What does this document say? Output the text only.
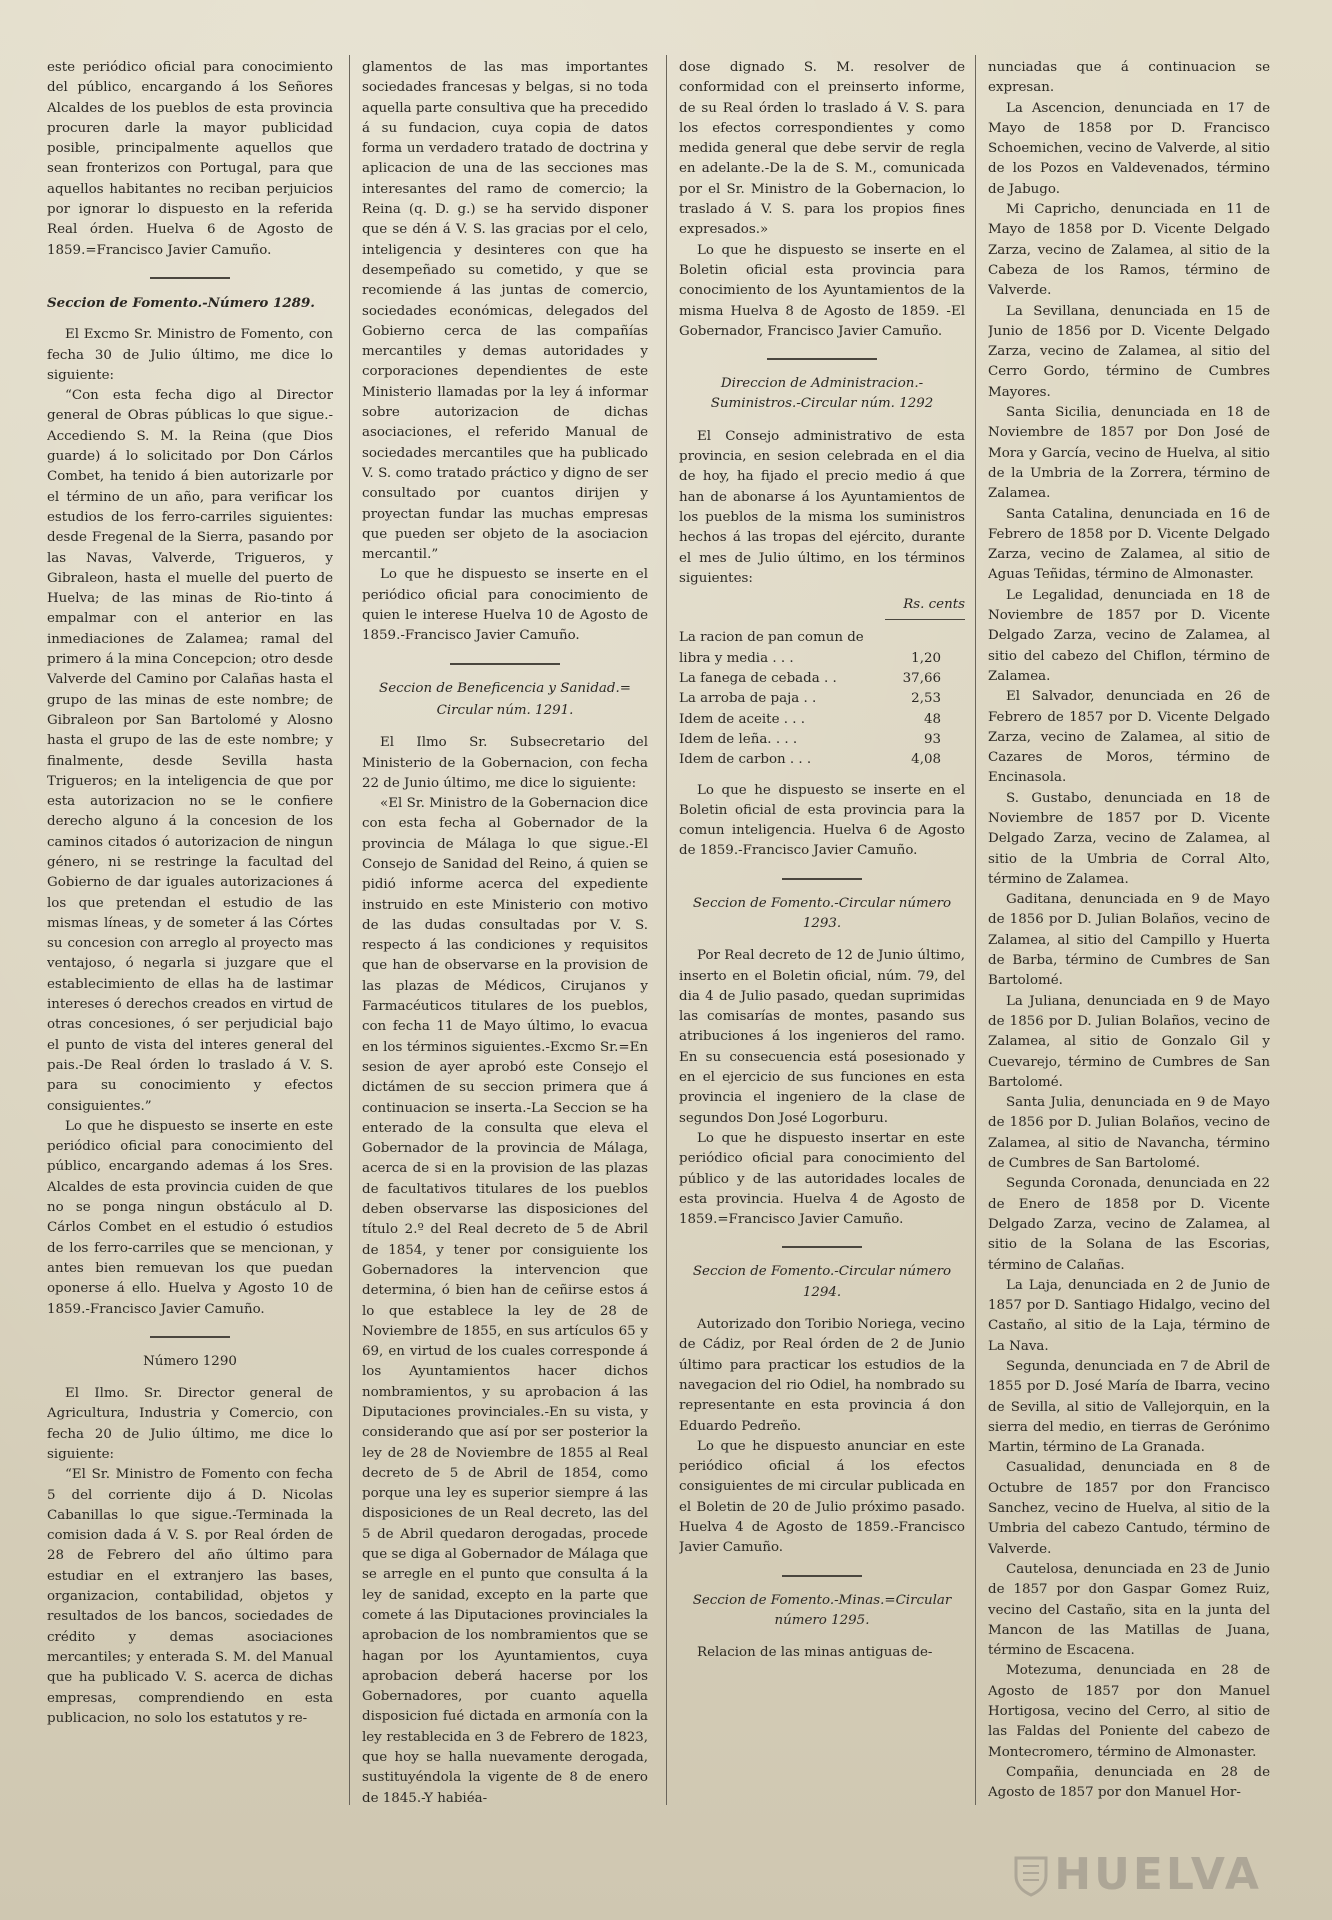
este periódico oficial para conocimiento del público, encargando á los Señores Alcaldes de los pueblos de esta provincia procuren darle la mayor publicidad posible, principalmente aquellos que sean fronterizos con Portugal, para que aquellos habitantes no reciban perjuicios por ignorar lo dispuesto en la referida Real órden. Huelva 6 de Agosto de 1859.=Francisco Javier Camuño.

Seccion de Fomento.-Número 1289.

El Excmo Sr. Ministro de Fomento, con fecha 30 de Julio último, me dice lo siguiente:

“Con esta fecha digo al Director general de Obras públicas lo que sigue.-Accediendo S. M. la Reina (que Dios guarde) á lo solicitado por Don Cárlos Combet, ha tenido á bien autorizarle por el término de un año, para verificar los estudios de los ferro-carriles siguientes: desde Fregenal de la Sierra, pasando por las Navas, Valverde, Trigueros, y Gibraleon, hasta el muelle del puerto de Huelva; de las minas de Rio-tinto á empalmar con el anterior en las inmediaciones de Zalamea; ramal del primero á la mina Concepcion; otro desde Valverde del Camino por Calañas hasta el grupo de las minas de este nombre; de Gibraleon por San Bartolomé y Alosno hasta el grupo de las de este nombre; y finalmente, desde Sevilla hasta Trigueros; en la inteligencia de que por esta autorizacion no se le confiere derecho alguno á la concesion de los caminos citados ó autorizacion de ningun género, ni se restringe la facultad del Gobierno de dar iguales autorizaciones á los que pretendan el estudio de las mismas líneas, y de someter á las Córtes su concesion con arreglo al proyecto mas ventajoso, ó negarla si juzgare que el establecimiento de ellas ha de lastimar intereses ó derechos creados en virtud de otras concesiones, ó ser perjudicial bajo el punto de vista del interes general del pais.-De Real órden lo traslado á V. S. para su conocimiento y efectos consiguientes.”

Lo que he dispuesto se inserte en este periódico oficial para conocimiento del público, encargando ademas á los Sres. Alcaldes de esta provincia cuiden de que no se ponga ningun obstáculo al D. Cárlos Combet en el estudio ó estudios de los ferro-carriles que se mencionan, y antes bien remuevan los que puedan oponerse á ello. Huelva y Agosto 10 de 1859.-Francisco Javier Camuño.

Número 1290

El Ilmo. Sr. Director general de Agricultura, Industria y Comercio, con fecha 20 de Julio último, me dice lo siguiente:

“El Sr. Ministro de Fomento con fecha 5 del corriente dijo á D. Nicolas Cabanillas lo que sigue.-Terminada la comision dada á V. S. por Real órden de 28 de Febrero del año último para estudiar en el extranjero las bases, organizacion, contabilidad, objetos y resultados de los bancos, sociedades de crédito y demas asociaciones mercantiles; y enterada S. M. del Manual que ha publicado V. S. acerca de dichas empresas, comprendiendo en esta publicacion, no solo los estatutos y re-

glamentos de las mas importantes sociedades francesas y belgas, si no toda aquella parte consultiva que ha precedido á su fundacion, cuya copia de datos forma un verdadero tratado de doctrina y aplicacion de una de las secciones mas interesantes del ramo de comercio; la Reina (q. D. g.) se ha servido disponer que se dén á V. S. las gracias por el celo, inteligencia y desinteres con que ha desempeñado su cometido, y que se recomiende á las juntas de comercio, sociedades económicas, delegados del Gobierno cerca de las compañías mercantiles y demas autoridades y corporaciones dependientes de este Ministerio llamadas por la ley á informar sobre autorizacion de dichas asociaciones, el referido Manual de sociedades mercantiles que ha publicado V. S. como tratado práctico y digno de ser consultado por cuantos dirijen y proyectan fundar las muchas empresas que pueden ser objeto de la asociacion mercantil.”

Lo que he dispuesto se inserte en el periódico oficial para conocimiento de quien le interese Huelva 10 de Agosto de 1859.-Francisco Javier Camuño.

Seccion de Beneficencia y Sanidad.=

Circular núm. 1291.

El Ilmo Sr. Subsecretario del Ministerio de la Gobernacion, con fecha 22 de Junio último, me dice lo siguiente:

«El Sr. Ministro de la Gobernacion dice con esta fecha al Gobernador de la provincia de Málaga lo que sigue.-El Consejo de Sanidad del Reino, á quien se pidió informe acerca del expediente instruido en este Ministerio con motivo de las dudas consultadas por V. S. respecto á las condiciones y requisitos que han de observarse en la provision de las plazas de Médicos, Cirujanos y Farmacéuticos titulares de los pueblos, con fecha 11 de Mayo último, lo evacua en los términos siguientes.-Excmo Sr.=En sesion de ayer aprobó este Consejo el dictámen de su seccion primera que á continuacion se inserta.-La Seccion se ha enterado de la consulta que eleva el Gobernador de la provincia de Málaga, acerca de si en la provision de las plazas de facultativos titulares de los pueblos deben observarse las disposiciones del título 2.º del Real decreto de 5 de Abril de 1854, y tener por consiguiente los Gobernadores la intervencion que determina, ó bien han de ceñirse estos á lo que establece la ley de 28 de Noviembre de 1855, en sus artículos 65 y 69, en virtud de los cuales corresponde á los Ayuntamientos hacer dichos nombramientos, y su aprobacion á las Diputaciones provinciales.-En su vista, y considerando que así por ser posterior la ley de 28 de Noviembre de 1855 al Real decreto de 5 de Abril de 1854, como porque una ley es superior siempre á las disposiciones de un Real decreto, las del 5 de Abril quedaron derogadas, procede que se diga al Gobernador de Málaga que se arregle en el punto que consulta á la ley de sanidad, excepto en la parte que comete á las Diputaciones provinciales la aprobacion de los nombramientos que se hagan por los Ayuntamientos, cuya aprobacion deberá hacerse por los Gobernadores, por cuanto aquella disposicion fué dictada en armonía con la ley restablecida en 3 de Febrero de 1823, que hoy se halla nuevamente derogada, sustituyéndola la vigente de 8 de enero de 1845.-Y habiéa-

dose dignado S. M. resolver de conformidad con el preinserto informe, de su Real órden lo traslado á V. S. para los efectos correspondientes y como medida general que debe servir de regla en adelante.-De la de S. M., comunicada por el Sr. Ministro de la Gobernacion, lo traslado á V. S. para los propios fines expresados.»

Lo que he dispuesto se inserte en el Boletin oficial esta provincia para conocimiento de los Ayuntamientos de la misma Huelva 8 de Agosto de 1859. -El Gobernador, Francisco Javier Camuño.

Direccion de Administracion.-Suministros.-Circular núm. 1292

El Consejo administrativo de esta provincia, en sesion celebrada en el dia de hoy, ha fijado el precio medio á que han de abonarse á los Ayuntamientos de los pueblos de la misma los suministros hechos á las tropas del ejército, durante el mes de Julio último, en los términos siguientes:

Rs. cents
La racion de pan comun de
libra y media . . .	1,20
La fanega de cebada . .	37,66
La arroba de paja . .	2,53
Idem de aceite . . .	48
Idem de leña. . . .	93
Idem de carbon . . .	4,08

Lo que he dispuesto se inserte en el Boletin oficial de esta provincia para la comun inteligencia. Huelva 6 de Agosto de 1859.-Francisco Javier Camuño.

Seccion de Fomento.-Circular número 1293.

Por Real decreto de 12 de Junio último, inserto en el Boletin oficial, núm. 79, del dia 4 de Julio pasado, quedan suprimidas las comisarías de montes, pasando sus atribuciones á los ingenieros del ramo. En su consecuencia está posesionado y en el ejercicio de sus funciones en esta provincia el ingeniero de la clase de segundos Don José Logorburu.

Lo que he dispuesto insertar en este periódico oficial para conocimiento del público y de las autoridades locales de esta provincia. Huelva 4 de Agosto de 1859.=Francisco Javier Camuño.

Seccion de Fomento.-Circular número 1294.

Autorizado don Toribio Noriega, vecino de Cádiz, por Real órden de 2 de Junio último para practicar los estudios de la navegacion del rio Odiel, ha nombrado su representante en esta provincia á don Eduardo Pedreño.

Lo que he dispuesto anunciar en este periódico oficial á los efectos consiguientes de mi circular publicada en el Boletin de 20 de Julio próximo pasado. Huelva 4 de Agosto de 1859.-Francisco Javier Camuño.

Seccion de Fomento.-Minas.=Circular número 1295.

Relacion de las minas antiguas de-

nunciadas que á continuacion se expresan.

La Ascencion, denunciada en 17 de Mayo de 1858 por D. Francisco Schoemichen, vecino de Valverde, al sitio de los Pozos en Valdevenados, término de Jabugo.

Mi Capricho, denunciada en 11 de Mayo de 1858 por D. Vicente Delgado Zarza, vecino de Zalamea, al sitio de la Cabeza de los Ramos, término de Valverde.

La Sevillana, denunciada en 15 de Junio de 1856 por D. Vicente Delgado Zarza, vecino de Zalamea, al sitio del Cerro Gordo, término de Cumbres Mayores.

Santa Sicilia, denunciada en 18 de Noviembre de 1857 por Don José de Mora y García, vecino de Huelva, al sitio de la Umbria de la Zorrera, término de Zalamea.

Santa Catalina, denunciada en 16 de Febrero de 1858 por D. Vicente Delgado Zarza, vecino de Zalamea, al sitio de Aguas Teñidas, término de Almonaster.

Le Legalidad, denunciada en 18 de Noviembre de 1857 por D. Vicente Delgado Zarza, vecino de Zalamea, al sitio del cabezo del Chiflon, término de Zalamea.

El Salvador, denunciada en 26 de Febrero de 1857 por D. Vicente Delgado Zarza, vecino de Zalamea, al sitio de Cazares de Moros, término de Encinasola.

S. Gustabo, denunciada en 18 de Noviembre de 1857 por D. Vicente Delgado Zarza, vecino de Zalamea, al sitio de la Umbria de Corral Alto, término de Zalamea.

Gaditana, denunciada en 9 de Mayo de 1856 por D. Julian Bolaños, vecino de Zalamea, al sitio del Campillo y Huerta de Barba, término de Cumbres de San Bartolomé.

La Juliana, denunciada en 9 de Mayo de 1856 por D. Julian Bolaños, vecino de Zalamea, al sitio de Gonzalo Gil y Cuevarejo, término de Cumbres de San Bartolomé.

Santa Julia, denunciada en 9 de Mayo de 1856 por D. Julian Bolaños, vecino de Zalamea, al sitio de Navancha, término de Cumbres de San Bartolomé.

Segunda Coronada, denunciada en 22 de Enero de 1858 por D. Vicente Delgado Zarza, vecino de Zalamea, al sitio de la Solana de las Escorias, término de Calañas.

La Laja, denunciada en 2 de Junio de 1857 por D. Santiago Hidalgo, vecino del Castaño, al sitio de la Laja, término de La Nava.

Segunda, denunciada en 7 de Abril de 1855 por D. José María de Ibarra, vecino de Sevilla, al sitio de Vallejorquin, en la sierra del medio, en tierras de Gerónimo Martin, término de La Granada.

Casualidad, denunciada en 8 de Octubre de 1857 por don Francisco Sanchez, vecino de Huelva, al sitio de la Umbria del cabezo Cantudo, término de Valverde.

Cautelosa, denunciada en 23 de Junio de 1857 por don Gaspar Gomez Ruiz, vecino del Castaño, sita en la junta del Mancon de las Matillas de Juana, término de Escacena.

Motezuma, denunciada en 28 de Agosto de 1857 por don Manuel Hortigosa, vecino del Cerro, al sitio de las Faldas del Poniente del cabezo de Montecromero, término de Almonaster.

Compañia, denunciada en 28 de Agosto de 1857 por don Manuel Hor-

HUELVA
